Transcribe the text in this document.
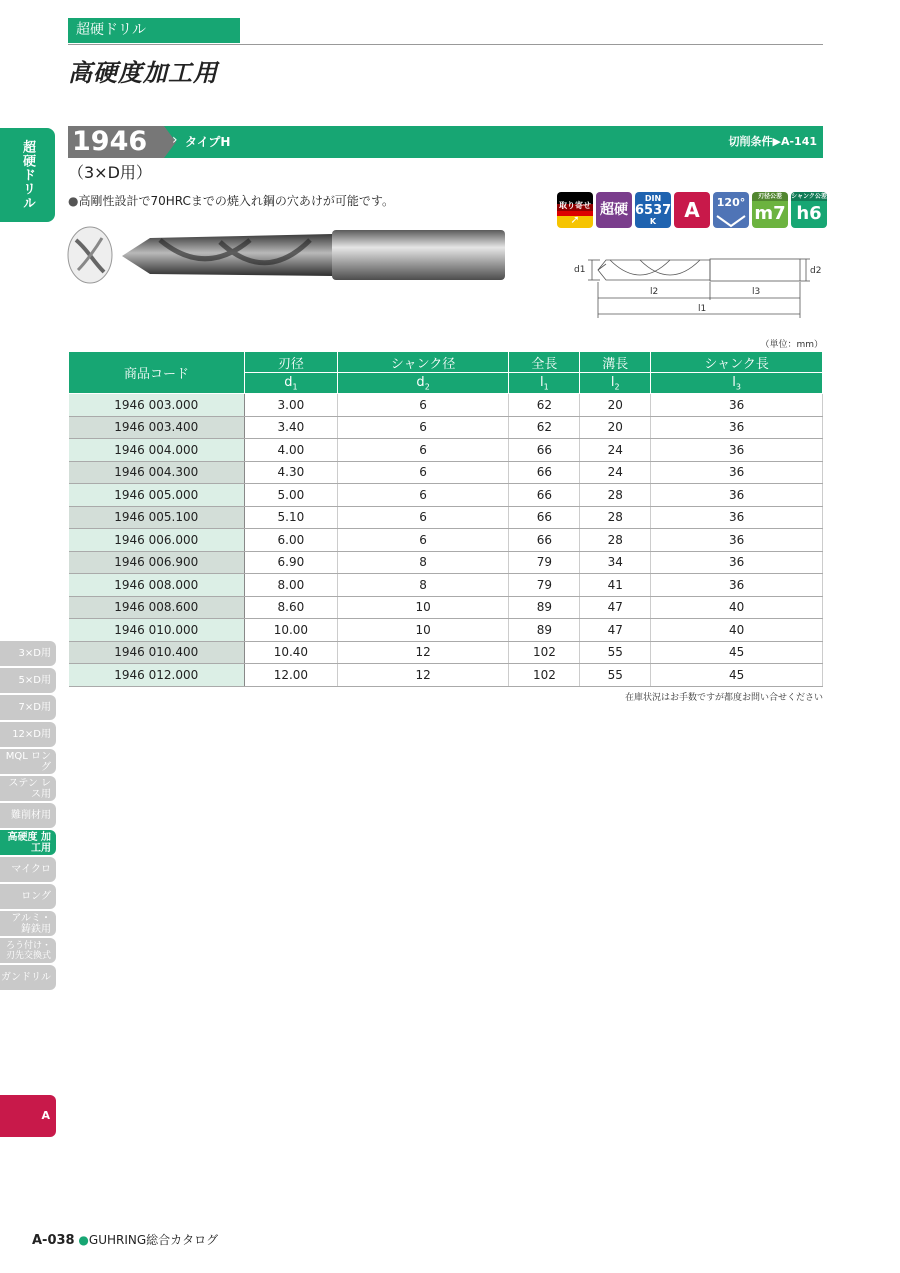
超硬ドリル
高硬度加工用
超硬ドリル
3×D用
5×D用
7×D用
12×D用
MQL ロング
ステン レス用
難削材用
高硬度 加工用
マイクロ
ロング
アルミ・ 鋳鉄用
ろう付け・ 刃先交換式
ガンドリル
A
1946	› タイプH	切削条件▶A-141
（3×D用）
●高剛性設計で70HRCまでの焼入れ鋼の穴あけが可能です。	取り寄せ
➚
超硬
DIN
6537
K	A	120°	刃径公差
m7
シャンク公差
h6
d1	d2
l2	l3
l1
（単位：mm）
商品コード	刃径	シャンク径	全長	溝長	シャンク長
	$d_1$	$d_2$	$l_1$	$l_2$	$l_3$
1946 003.000	3.00	6	62	20	36
1946 003.400	3.40	6	62	20	36
1946 004.000	4.00	6	66	24	36
1946 004.300	4.30	6	66	24	36
1946 005.000	5.00	6	66	28	36
1946 005.100	5.10	6	66	28	36
1946 006.000	6.00	6	66	28	36
1946 006.900	6.90	8	79	34	36
1946 008.000	8.00	8	79	41	36
1946 008.600	8.60	10	89	47	40
1946 010.000	10.00	10	89	47	40
1946 010.400	10.40	12	102	55	45
1946 012.000	12.00	12	102	55	45
在庫状況はお手数ですが都度お問い合せください
A-038 ●GUHRING総合カタログ
